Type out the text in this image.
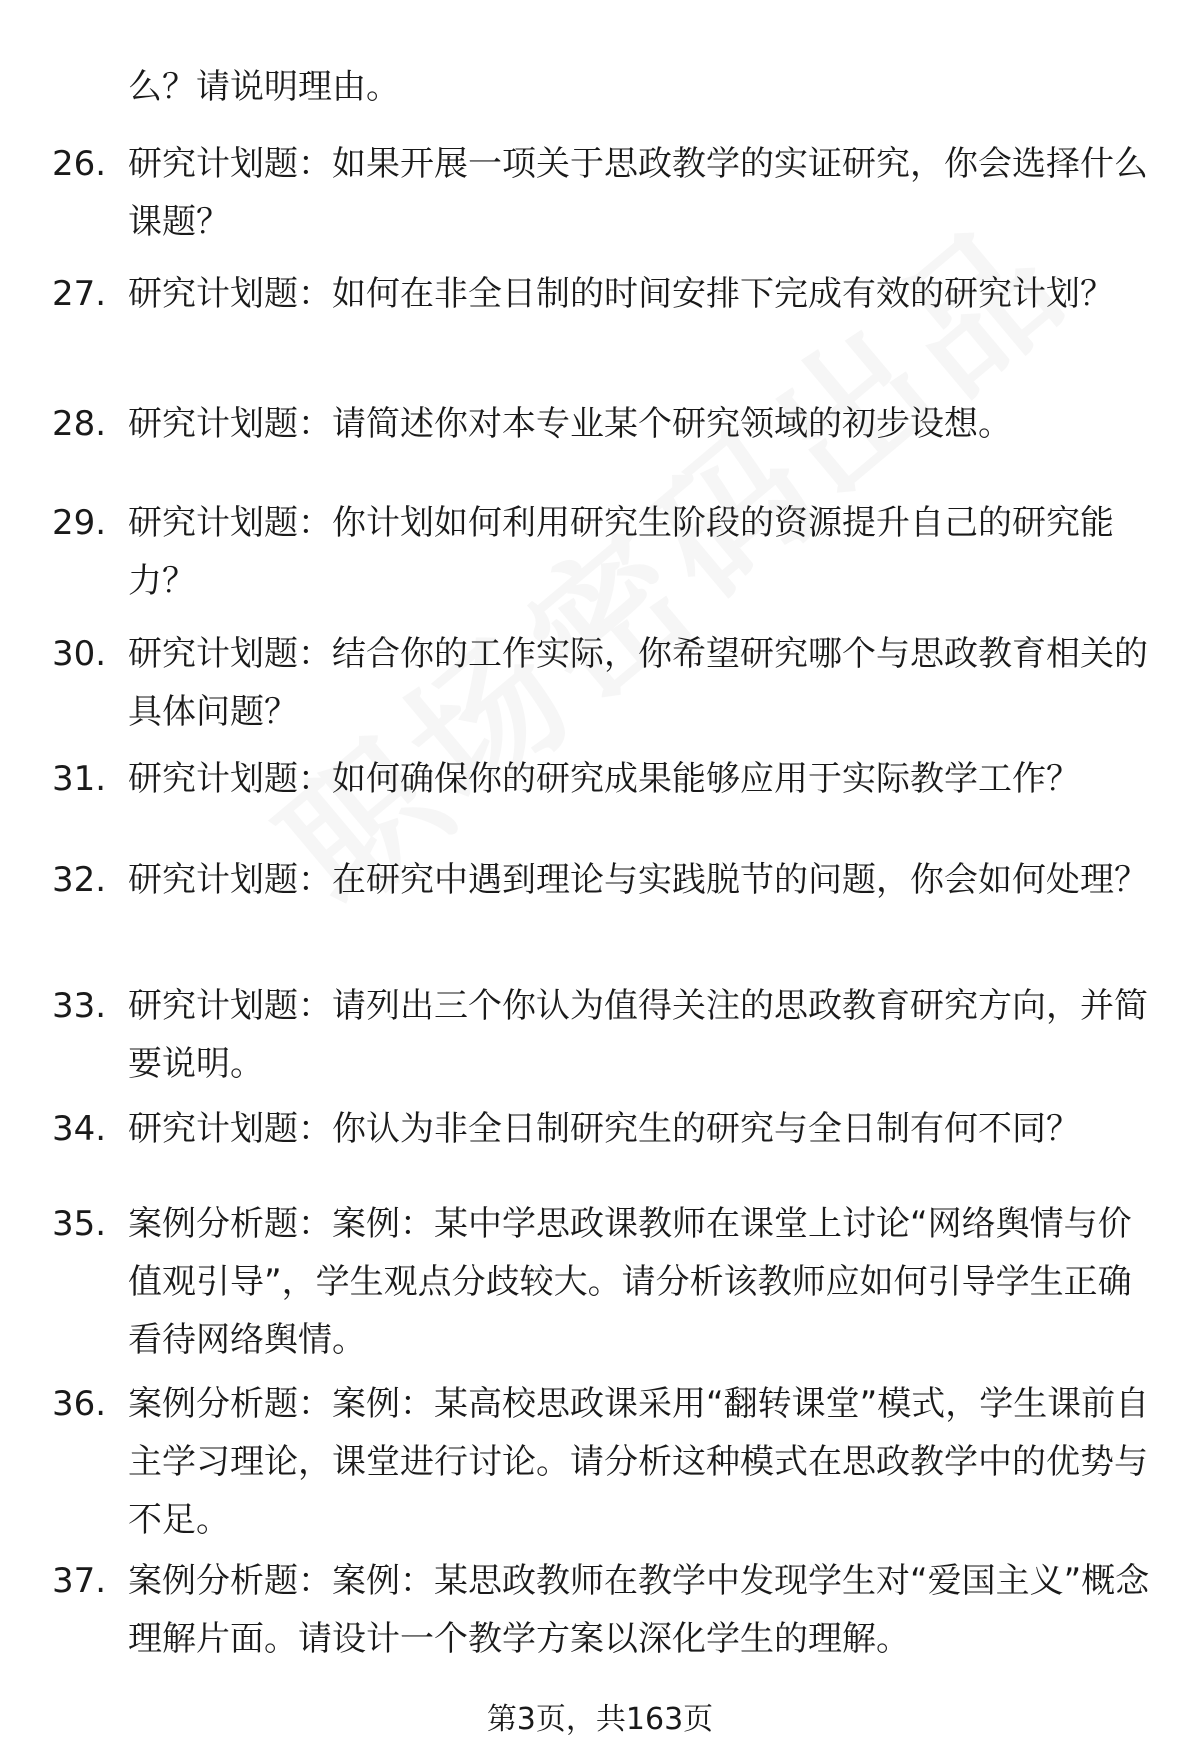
么？请说明理由。
26. 研究计划题：如果开展一项关于思政教学的实证研究，你会选择什么课题？
27. 研究计划题：如何在非全日制的时间安排下完成有效的研究计划？
28. 研究计划题：请简述你对本专业某个研究领域的初步设想。
29. 研究计划题：你计划如何利用研究生阶段的资源提升自己的研究能力？
30. 研究计划题：结合你的工作实际，你希望研究哪个与思政教育相关的具体问题？
31. 研究计划题：如何确保你的研究成果能够应用于实际教学工作？
32. 研究计划题：在研究中遇到理论与实践脱节的问题，你会如何处理？
33. 研究计划题：请列出三个你认为值得关注的思政教育研究方向，并简要说明。
34. 研究计划题：你认为非全日制研究生的研究与全日制有何不同？
35. 案例分析题：案例：某中学思政课教师在课堂上讨论“网络舆情与价值观引导”，学生观点分歧较大。请分析该教师应如何引导学生正确看待网络舆情。
36. 案例分析题：案例：某高校思政课采用“翻转课堂”模式，学生课前自主学习理论，课堂进行讨论。请分析这种模式在思政教学中的优势与不足。
37. 案例分析题：案例：某思政教师在教学中发现学生对“爱国主义”概念理解片面。请设计一个教学方案以深化学生的理解。
第3页，共163页
